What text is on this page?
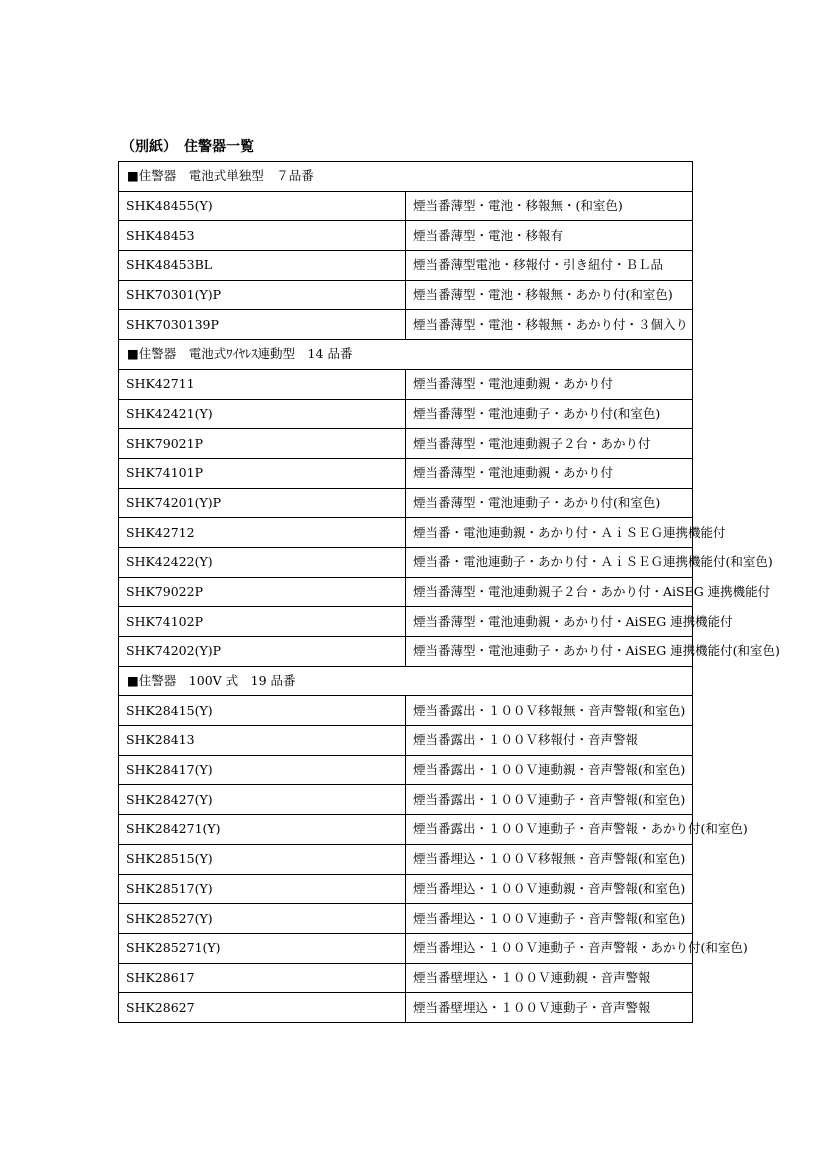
（別紙）　住警器一覧
■住警器　電池式単独型　７品番	
SHK48455(Y)	煙当番薄型・電池・移報無・(和室色)
SHK48453	煙当番薄型・電池・移報有
SHK48453BL	煙当番薄型電池・移報付・引き紐付・ＢＬ品
SHK70301(Y)P	煙当番薄型・電池・移報無・あかり付(和室色)
SHK7030139P	煙当番薄型・電池・移報無・あかり付・３個入り
■住警器　電池式ﾜｲﾔﾚｽ連動型　14 品番	
SHK42711	煙当番薄型・電池連動親・あかり付
SHK42421(Y)	煙当番薄型・電池連動子・あかり付(和室色)
SHK79021P	煙当番薄型・電池連動親子２台・あかり付
SHK74101P	煙当番薄型・電池連動親・あかり付
SHK74201(Y)P	煙当番薄型・電池連動子・あかり付(和室色)
SHK42712	煙当番・電池連動親・あかり付・ＡｉＳＥＧ連携機能付
SHK42422(Y)	煙当番・電池連動子・あかり付・ＡｉＳＥＧ連携機能付(和室色)
SHK79022P	煙当番薄型・電池連動親子２台・あかり付・AiSEG 連携機能付
SHK74102P	煙当番薄型・電池連動親・あかり付・AiSEG 連携機能付
SHK74202(Y)P	煙当番薄型・電池連動子・あかり付・AiSEG 連携機能付(和室色)
■住警器　100V 式　19 品番	
SHK28415(Y)	煙当番露出・１００Ｖ移報無・音声警報(和室色)
SHK28413	煙当番露出・１００Ｖ移報付・音声警報
SHK28417(Y)	煙当番露出・１００Ｖ連動親・音声警報(和室色)
SHK28427(Y)	煙当番露出・１００Ｖ連動子・音声警報(和室色)
SHK284271(Y)	煙当番露出・１００Ｖ連動子・音声警報・あかり付(和室色)
SHK28515(Y)	煙当番埋込・１００Ｖ移報無・音声警報(和室色)
SHK28517(Y)	煙当番埋込・１００Ｖ連動親・音声警報(和室色)
SHK28527(Y)	煙当番埋込・１００Ｖ連動子・音声警報(和室色)
SHK285271(Y)	煙当番埋込・１００Ｖ連動子・音声警報・あかり付(和室色)
SHK28617	煙当番壁埋込・１００Ｖ連動親・音声警報
SHK28627	煙当番壁埋込・１００Ｖ連動子・音声警報
